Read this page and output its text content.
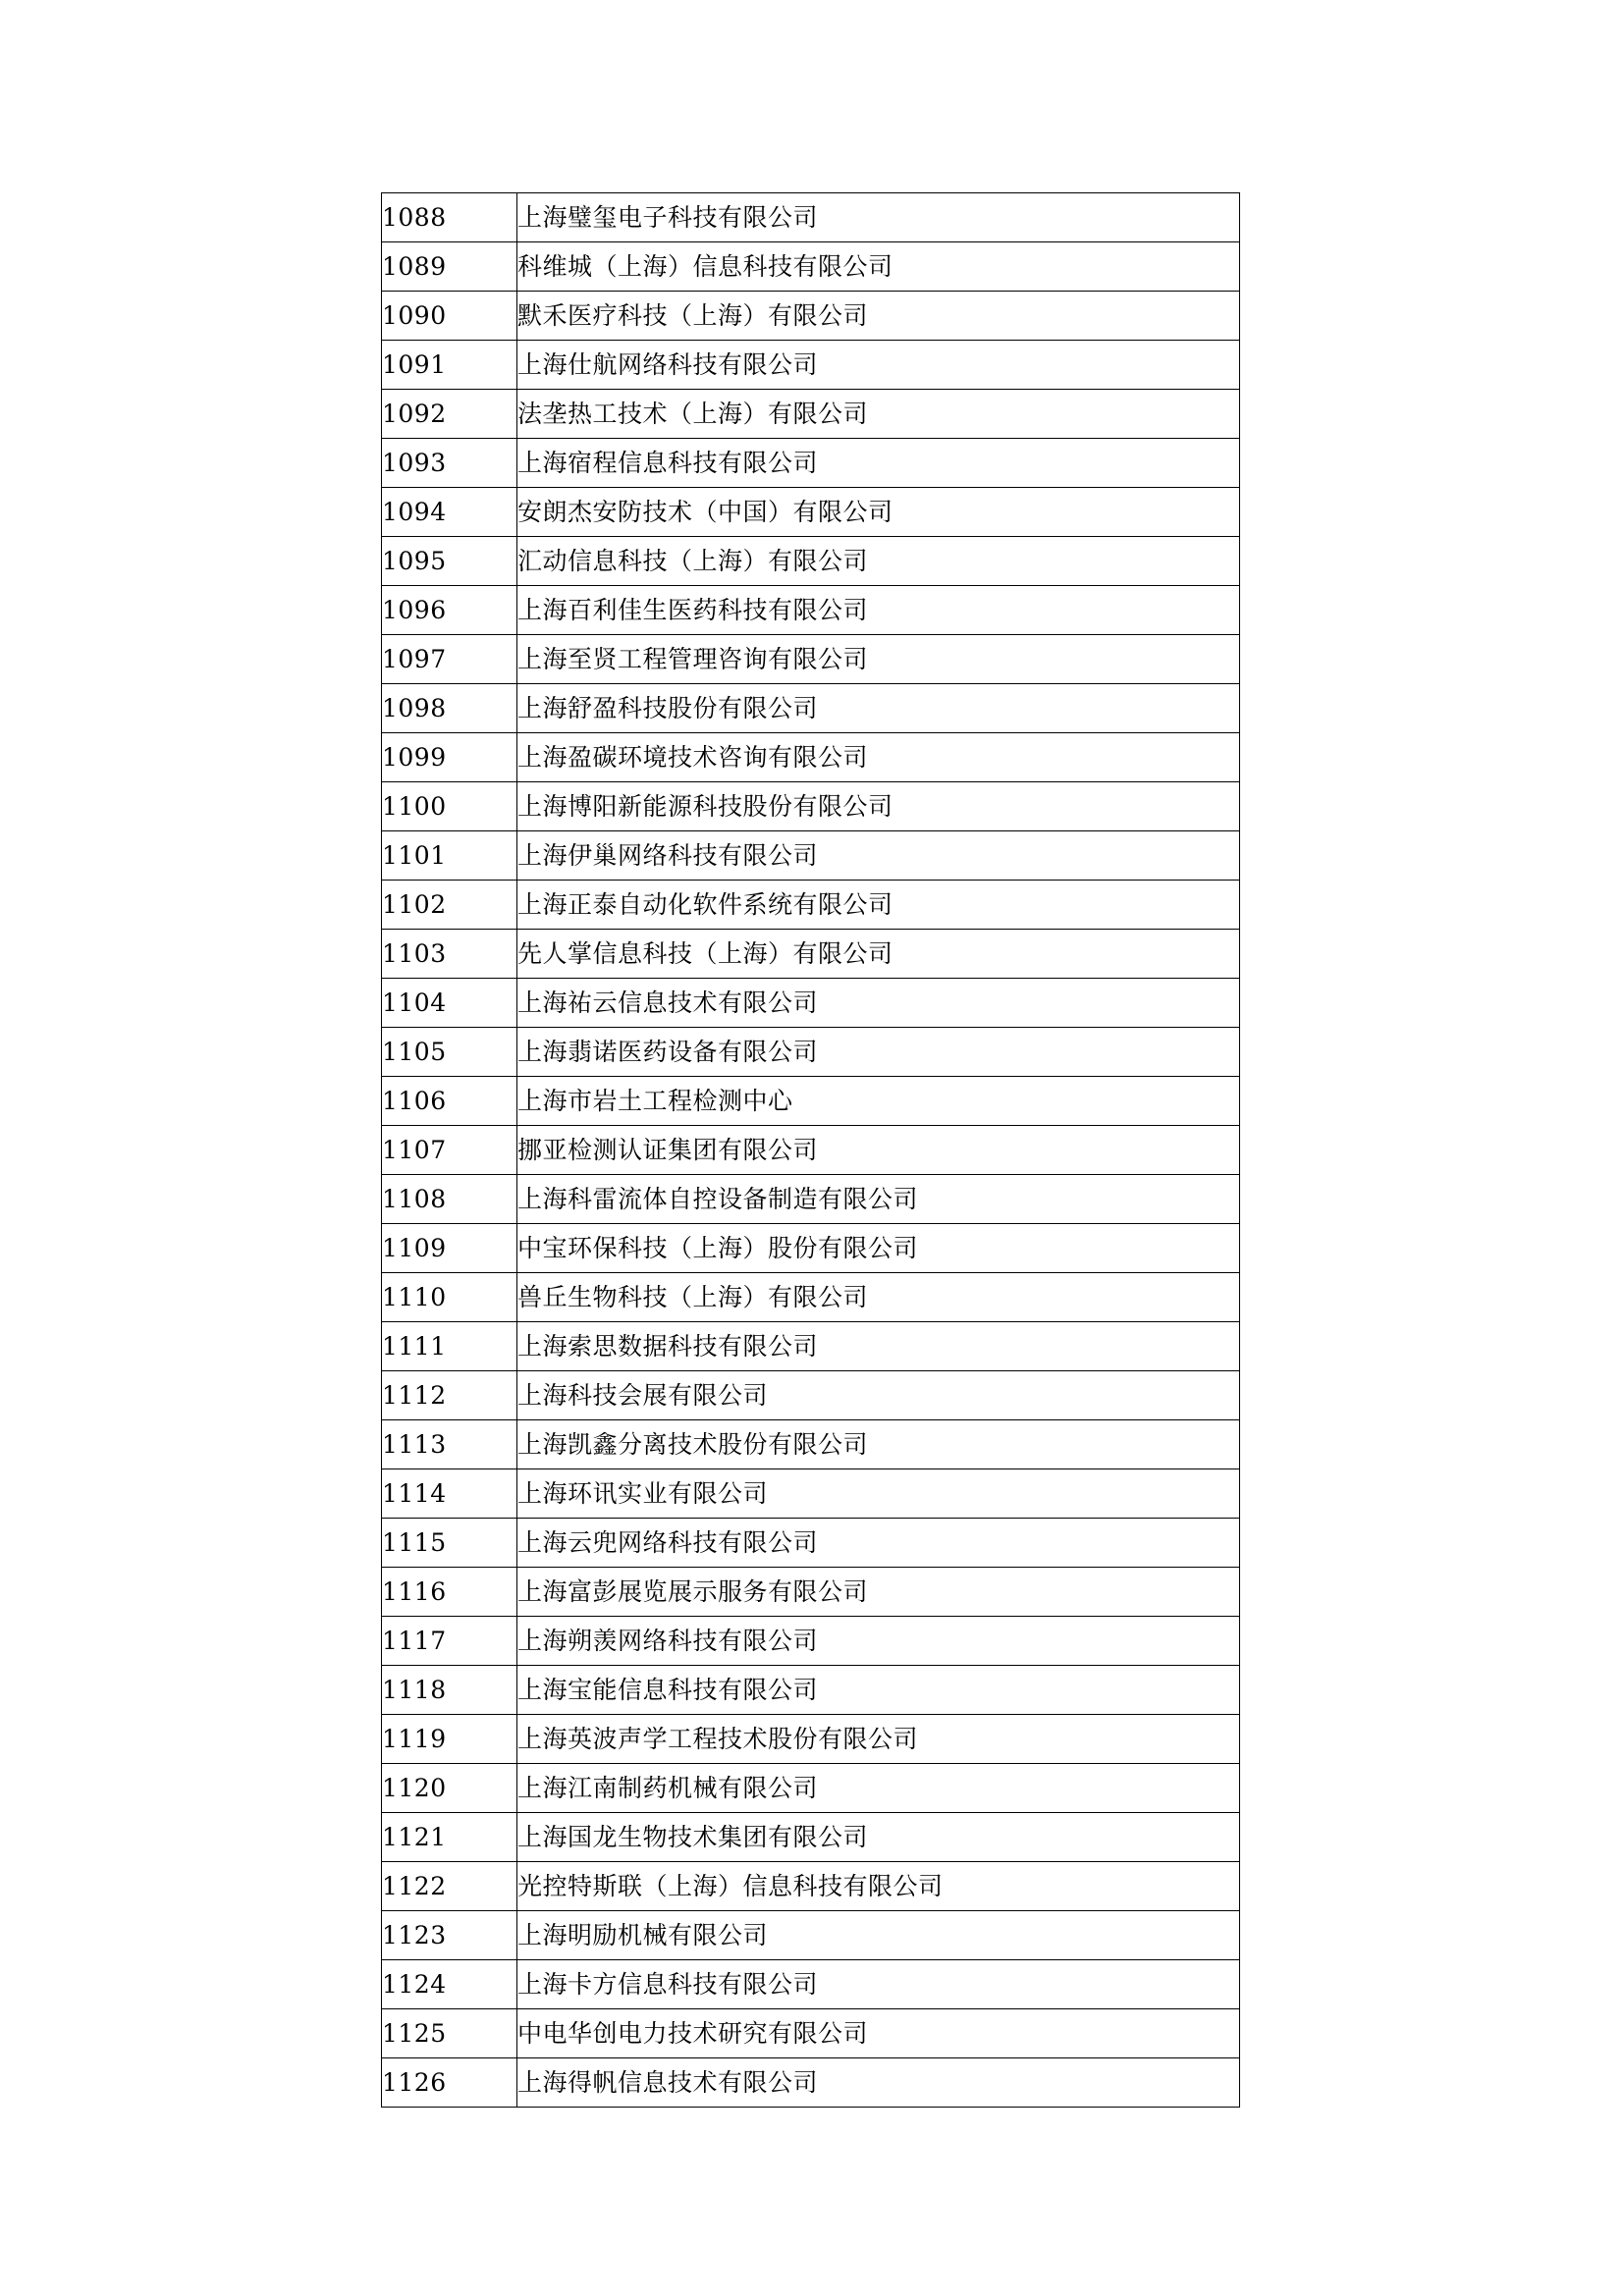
1088	上海璧玺电子科技有限公司
1089	科维城（上海）信息科技有限公司
1090	默禾医疗科技（上海）有限公司
1091	上海仕航网络科技有限公司
1092	法垄热工技术（上海）有限公司
1093	上海宿程信息科技有限公司
1094	安朗杰安防技术（中国）有限公司
1095	汇动信息科技（上海）有限公司
1096	上海百利佳生医药科技有限公司
1097	上海至贤工程管理咨询有限公司
1098	上海舒盈科技股份有限公司
1099	上海盈碳环境技术咨询有限公司
1100	上海博阳新能源科技股份有限公司
1101	上海伊巢网络科技有限公司
1102	上海正泰自动化软件系统有限公司
1103	先人掌信息科技（上海）有限公司
1104	上海祐云信息技术有限公司
1105	上海翡诺医药设备有限公司
1106	上海市岩土工程检测中心
1107	挪亚检测认证集团有限公司
1108	上海科雷流体自控设备制造有限公司
1109	中宝环保科技（上海）股份有限公司
1110	兽丘生物科技（上海）有限公司
1111	上海索思数据科技有限公司
1112	上海科技会展有限公司
1113	上海凯鑫分离技术股份有限公司
1114	上海环讯实业有限公司
1115	上海云兜网络科技有限公司
1116	上海富彭展览展示服务有限公司
1117	上海朔羡网络科技有限公司
1118	上海宝能信息科技有限公司
1119	上海英波声学工程技术股份有限公司
1120	上海江南制药机械有限公司
1121	上海国龙生物技术集团有限公司
1122	光控特斯联（上海）信息科技有限公司
1123	上海明励机械有限公司
1124	上海卡方信息科技有限公司
1125	中电华创电力技术研究有限公司
1126	上海得帆信息技术有限公司
